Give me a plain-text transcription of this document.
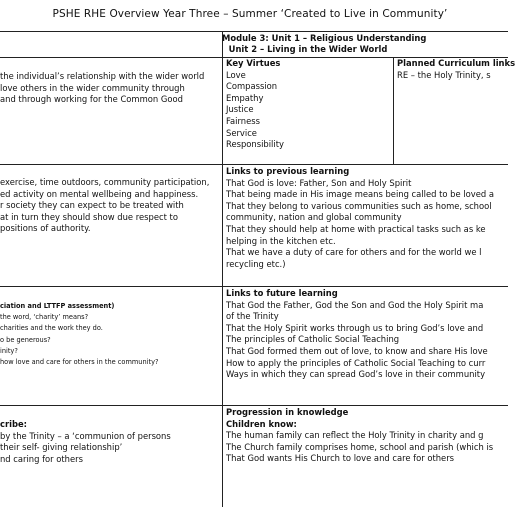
PSHE RHE Overview Year Three – Summer ‘Created to Live in Community’
Module 3: Unit 1 – Religious Understanding
Unit 2 – Living in the Wider World
the individual’s relationship with the wider world
love others in the wider community through
and through working for the Common Good
Key Virtues
Love
Compassion
Empathy
Justice
Fairness
Service
Responsibility
Planned Curriculum links
RE – the Holy Trinity, s
exercise, time outdoors, community participation,
ed activity on mental wellbeing and happiness.
r society they can expect to be treated with
at in turn they should show due respect to
positions of authority.
Links to previous learning
That God is love: Father, Son and Holy Spirit
That being made in His image means being called to be loved a
That they belong to various communities such as home, school
community, nation and global community
That they should help at home with practical tasks such as ke
helping in the kitchen etc.
That we have a duty of care for others and for the world we l
recycling etc.)
ciation and LTTFP assessment)
the word, ‘charity’ means?
charities and the work they do.
o be generous?
inity?
how love and care for others in the community?
Links to future learning
That God the Father, God the Son and God the Holy Spirit ma
of the Trinity
That the Holy Spirit works through us to bring God’s love and
The principles of Catholic Social Teaching
That God formed them out of love, to know and share His love
How to apply the principles of Catholic Social Teaching to curr
Ways in which they can spread God’s love in their community
cribe:
by the Trinity – a ‘communion of persons
their self- giving relationship’
nd caring for others
Progression in knowledge
Children know:
The human family can reflect the Holy Trinity in charity and g
The Church family comprises home, school and parish (which is
That God wants His Church to love and care for others
